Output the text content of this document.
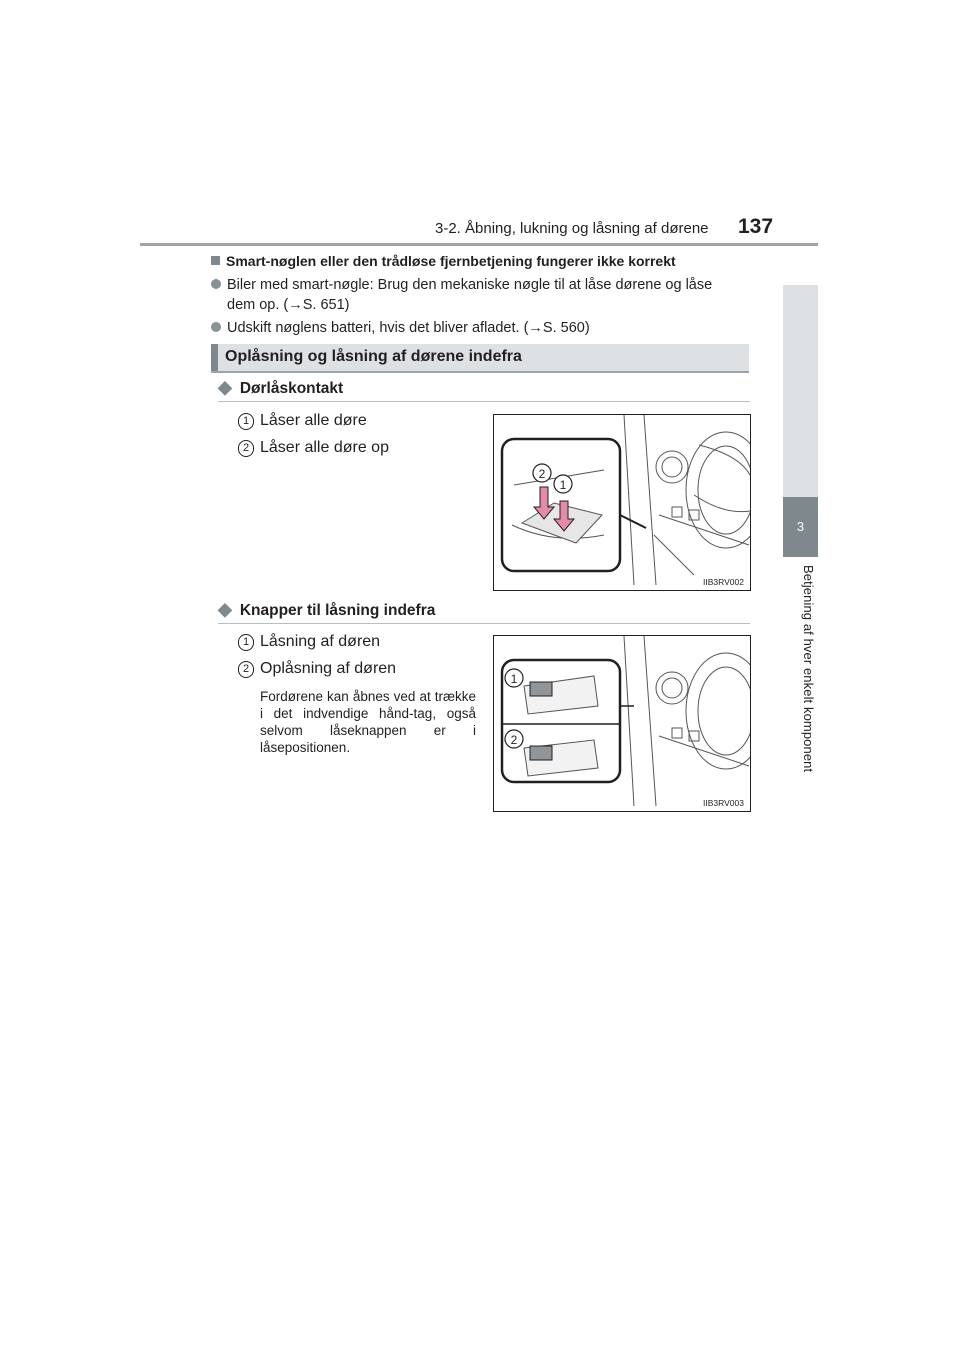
3-2. Åbning, lukning og låsning af dørene 137
3
Betjening af hver enkelt komponent
Smart-nøglen eller den trådløse fjernbetjening fungerer ikke korrekt
Biler med smart-nøgle: Brug den mekaniske nøgle til at låse dørene og låse
dem op. (→S. 651)
Udskift nøglens batteri, hvis det bliver afladet. (→S. 560)
Oplåsning og låsning af dørene indefra
◆ Dørlåskontakt
1 Låser alle døre
2 Låser alle døre op
2
1
IIB3RV002
◆ Knapper til låsning indefra
1 Låsning af døren
2 Oplåsning af døren
Fordørene kan åbnes ved at trække i det indvendige hånd-tag, også selvom låseknappen er i låsepositionen.
1
2
IIB3RV003
